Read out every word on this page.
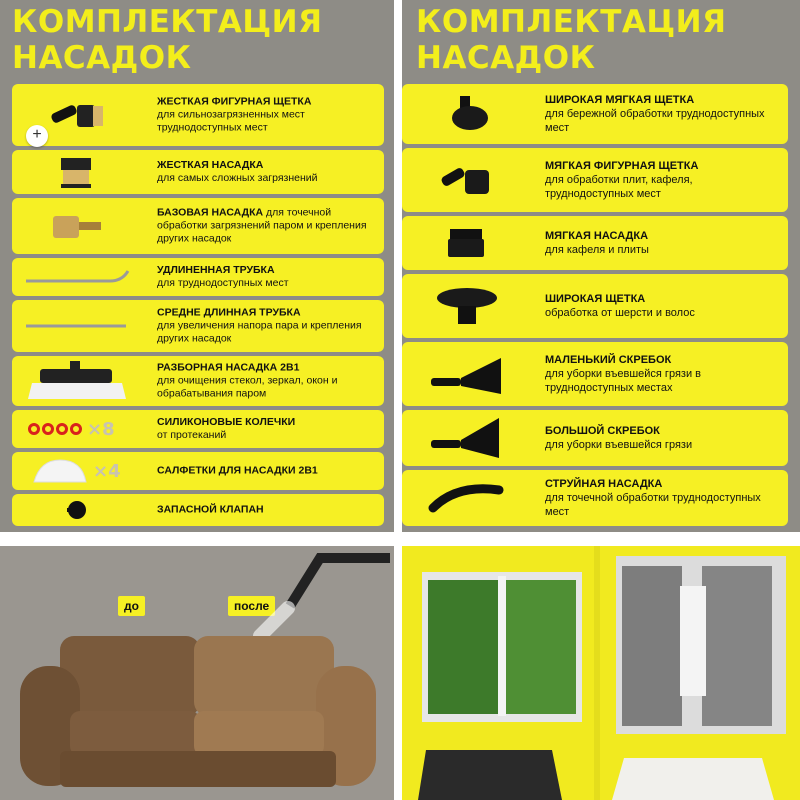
КОМПЛЕКТАЦИЯ
НАСАДОК
+
ЖЕСТКАЯ ФИГУРНАЯ ЩЕТКА
для сильнозагрязненных мест труднодоступных мест
ЖЕСТКАЯ НАСАДКА
для самых сложных загрязнений
БАЗОВАЯ НАСАДКА для точечной обработки загрязнений паром и крепления других насадок
УДЛИНЕННАЯ ТРУБКА
для труднодоступных мест
СРЕДНЕ ДЛИННАЯ ТРУБКА
для увеличения напора пара и крепления других насадок
РАЗБОРНАЯ НАСАДКА 2В1
для очищения стекол, зеркал, окон и обрабатывания паром
×8	СИЛИКОНОВЫЕ КОЛЕЧКИ
от протеканий
×4	САЛФЕТКИ ДЛЯ НАСАДКИ 2В1
ЗАПАСНОЙ КЛАПАН
КОМПЛЕКТАЦИЯ
НАСАДОК
ШИРОКАЯ МЯГКАЯ ЩЕТКА
для бережной обработки труднодоступных мест
МЯГКАЯ ФИГУРНАЯ ЩЕТКА
для обработки плит, кафеля, труднодоступных мест
МЯГКАЯ НАСАДКА
для кафеля и плиты
ШИРОКАЯ ЩЕТКА
обработка от шерсти и волос
МАЛЕНЬКИЙ СКРЕБОК
для уборки въевшейся грязи в труднодоступных местах
БОЛЬШОЙ СКРЕБОК
для уборки въевшейся грязи
СТРУЙНАЯ НАСАДКА
для точечной обработки труднодоступных мест
до	после
